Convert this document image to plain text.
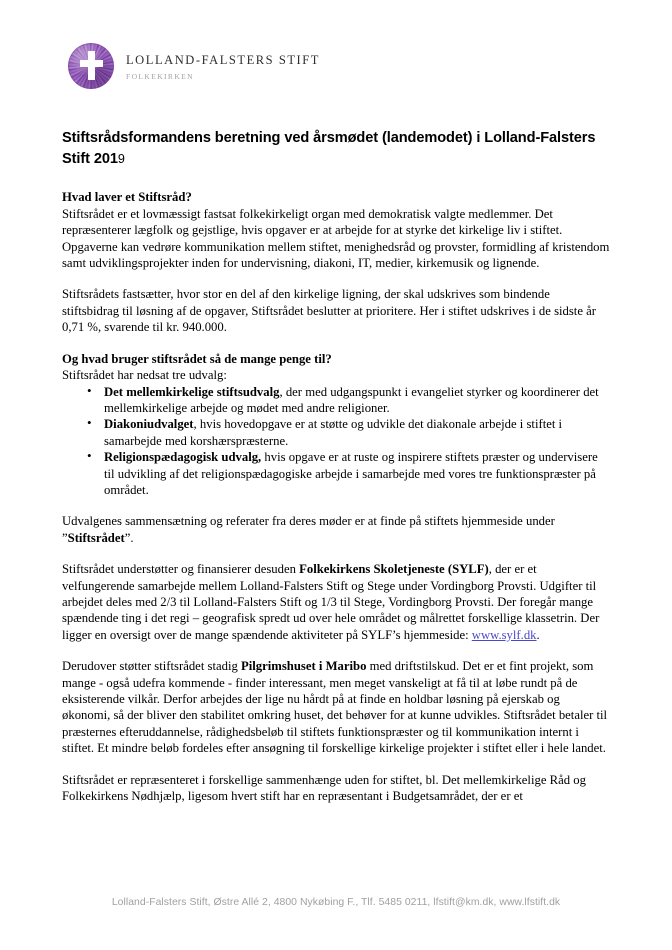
LOLLAND-FALSTERS STIFT
FOLKEKIRKEN
Stiftsrådsformandens beretning ved årsmødet (landemodet) i Lolland-Falsters Stift 2019

Hvad laver et Stiftsråd?

Stiftsrådet er et lovmæssigt fastsat folkekirkeligt organ med demokratisk valgte medlemmer. Det repræsenterer lægfolk og gejstlige, hvis opgaver er at arbejde for at styrke det kirkelige liv i stiftet. Opgaverne kan vedrøre kommunikation mellem stiftet, menighedsråd og provster, formidling af kristendom samt udviklingsprojekter inden for undervisning, diakoni, IT, medier, kirkemusik og lignende.

Stiftsrådets fastsætter, hvor stor en del af den kirkelige ligning, der skal udskrives som bindende stiftsbidrag til løsning af de opgaver, Stiftsrådet beslutter at prioritere. Her i stiftet udskrives i de sidste år 0,71 %, svarende til kr. 940.000.

Og hvad bruger stiftsrådet så de mange penge til?

Stiftsrådet har nedsat tre udvalg:

• Det mellemkirkelige stiftsudvalg, der med udgangspunkt i evangeliet styrker og koordinerer det mellemkirkelige arbejde og mødet med andre religioner.
• Diakoniudvalget, hvis hovedopgave er at støtte og udvikle det diakonale arbejde i stiftet i samarbejde med korshærspræsterne.
• Religionspædagogisk udvalg, hvis opgave er at ruste og inspirere stiftets præster og undervisere til udvikling af det religionspædagogiske arbejde i samarbejde med vores tre funktionspræster på området.

Udvalgenes sammensætning og referater fra deres møder er at finde på stiftets hjemmeside under ”Stiftsrådet”.

Stiftsrådet understøtter og finansierer desuden Folkekirkens Skoletjeneste (SYLF), der er et velfungerende samarbejde mellem Lolland-Falsters Stift og Stege under Vordingborg Provsti. Udgifter til arbejdet deles med 2/3 til Lolland-Falsters Stift og 1/3 til Stege, Vordingborg Provsti. Der foregår mange spændende ting i det regi – geografisk spredt ud over hele området og målrettet forskellige klassetrin. Der ligger en oversigt over de mange spændende aktiviteter på SYLF’s hjemmeside: www.sylf.dk.

Derudover støtter stiftsrådet stadig Pilgrimshuset i Maribo med driftstilskud. Det er et fint projekt, som mange - også udefra kommende - finder interessant, men meget vanskeligt at få til at løbe rundt på de eksisterende vilkår. Derfor arbejdes der lige nu hårdt på at finde en holdbar løsning på ejerskab og økonomi, så der bliver den stabilitet omkring huset, det behøver for at kunne udvikles. Stiftsrådet betaler til præsternes efteruddannelse, rådighedsbeløb til stiftets funktionspræster og til kommunikation internt i stiftet. Et mindre beløb fordeles efter ansøgning til forskellige kirkelige projekter i stiftet eller i hele landet.

Stiftsrådet er repræsenteret i forskellige sammenhænge uden for stiftet, bl. Det mellemkirkelige Råd og Folkekirkens Nødhjælp, ligesom hvert stift har en repræsentant i Budgetsamrådet, der er et

Lolland-Falsters Stift, Østre Allé 2, 4800 Nykøbing F., Tlf. 5485 0211, lfstift@km.dk, www.lfstift.dk
